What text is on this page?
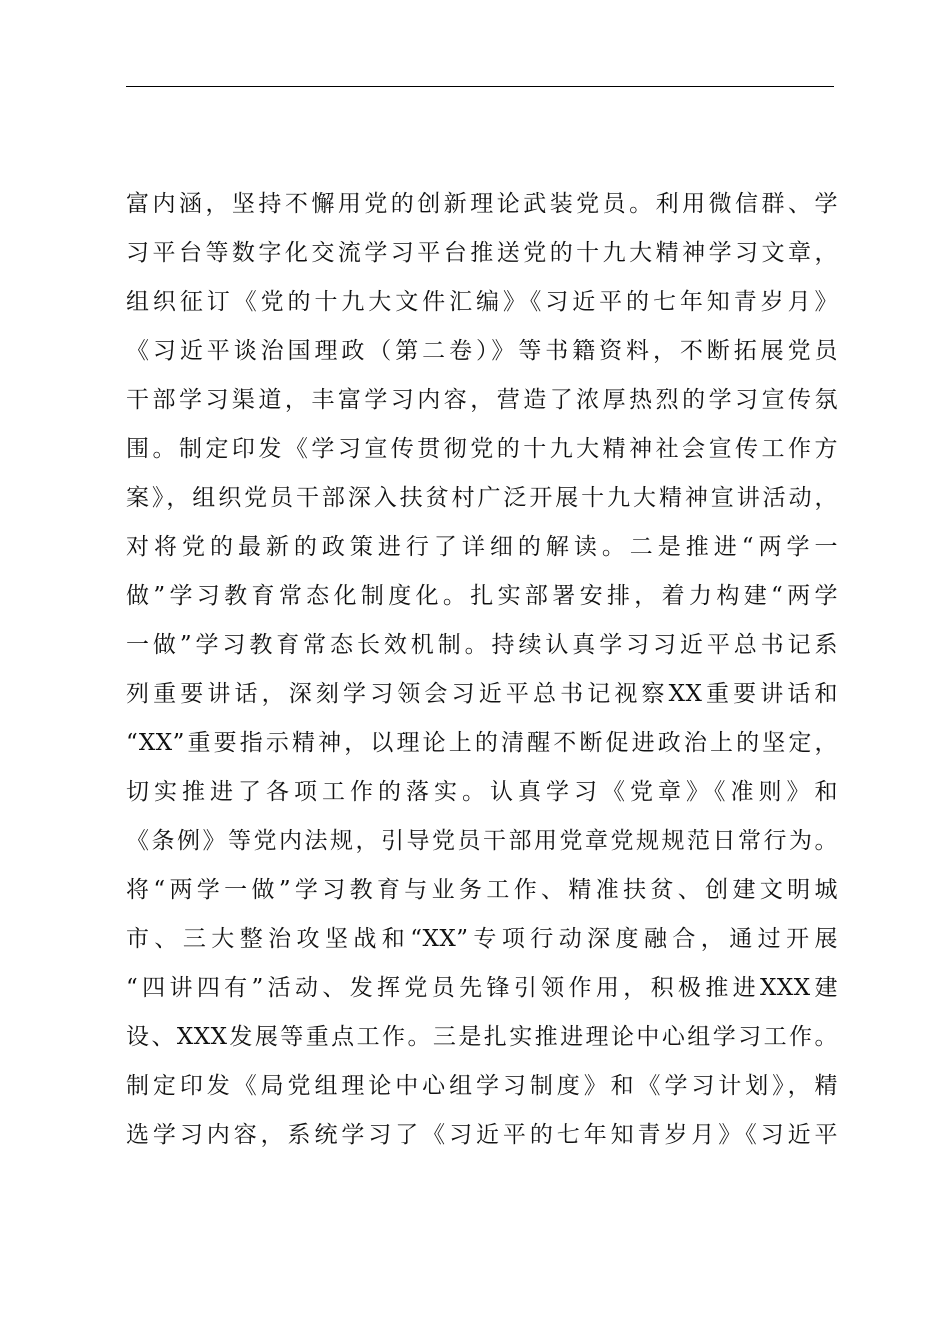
富内涵，坚持不懈用党的创新理论武装党员。利用微信群、学
习平台等数字化交流学习平台推送党的十九大精神学习文章，
组织征订《党的十九大文件汇编》《习近平的七年知青岁月》
《习近平谈治国理政（第二卷）》等书籍资料，不断拓展党员
干部学习渠道，丰富学习内容，营造了浓厚热烈的学习宣传氛
围。制定印发《学习宣传贯彻党的十九大精神社会宣传工作方
案》，组织党员干部深入扶贫村广泛开展十九大精神宣讲活动，
对将党的最新的政策进行了详细的解读。二是推进“两学一
做”学习教育常态化制度化。扎实部署安排，着力构建“两学
一做”学习教育常态长效机制。持续认真学习习近平总书记系
列重要讲话，深刻学习领会习近平总书记视察XX重要讲话和
“XX”重要指示精神，以理论上的清醒不断促进政治上的坚定，
切实推进了各项工作的落实。认真学习《党章》《准则》和
《条例》等党内法规，引导党员干部用党章党规规范日常行为。
将“两学一做”学习教育与业务工作、精准扶贫、创建文明城
市、三大整治攻坚战和“XX”专项行动深度融合，通过开展
“四讲四有”活动、发挥党员先锋引领作用，积极推进XXX建
设、XXX发展等重点工作。三是扎实推进理论中心组学习工作。
制定印发《局党组理论中心组学习制度》和《学习计划》，精
选学习内容，系统学习了《习近平的七年知青岁月》《习近平
